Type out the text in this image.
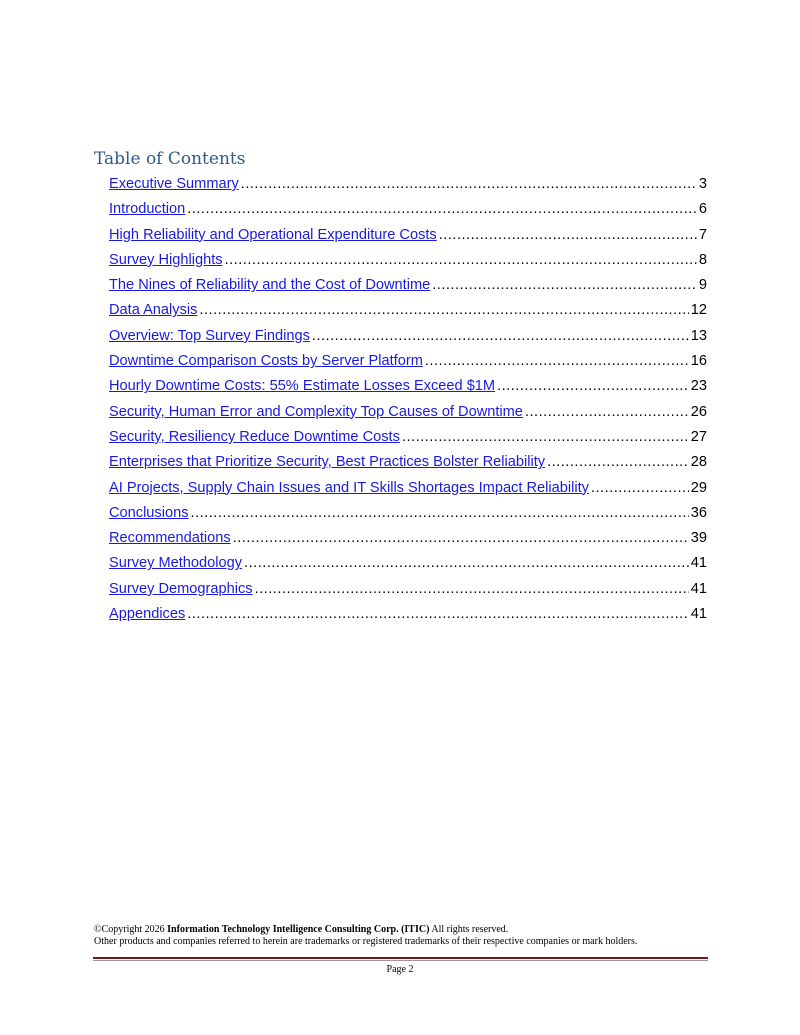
Table of Contents
Executive Summary .....	3
Introduction .....	6
High Reliability and Operational Expenditure Costs .....	7
Survey Highlights .....	8
The Nines of Reliability and the Cost of Downtime .....	9
Data Analysis .....	12
Overview: Top Survey Findings .....	13
Downtime Comparison Costs by Server Platform .....	16
Hourly Downtime Costs: 55% Estimate Losses Exceed $1M .....	23
Security, Human Error and Complexity Top Causes of Downtime .....	26
Security, Resiliency Reduce Downtime Costs .....	27
Enterprises that Prioritize Security, Best Practices Bolster Reliability .....	28
AI Projects, Supply Chain Issues and IT Skills Shortages Impact Reliability .....	29
Conclusions .....	36
Recommendations .....	39
Survey Methodology .....	41
Survey Demographics .....	41
Appendices .....	41
©Copyright 2026 Information Technology Intelligence Consulting Corp. (ITIC) All rights reserved.
Other products and companies referred to herein are trademarks or registered trademarks of their respective companies or mark holders.
Page 2
